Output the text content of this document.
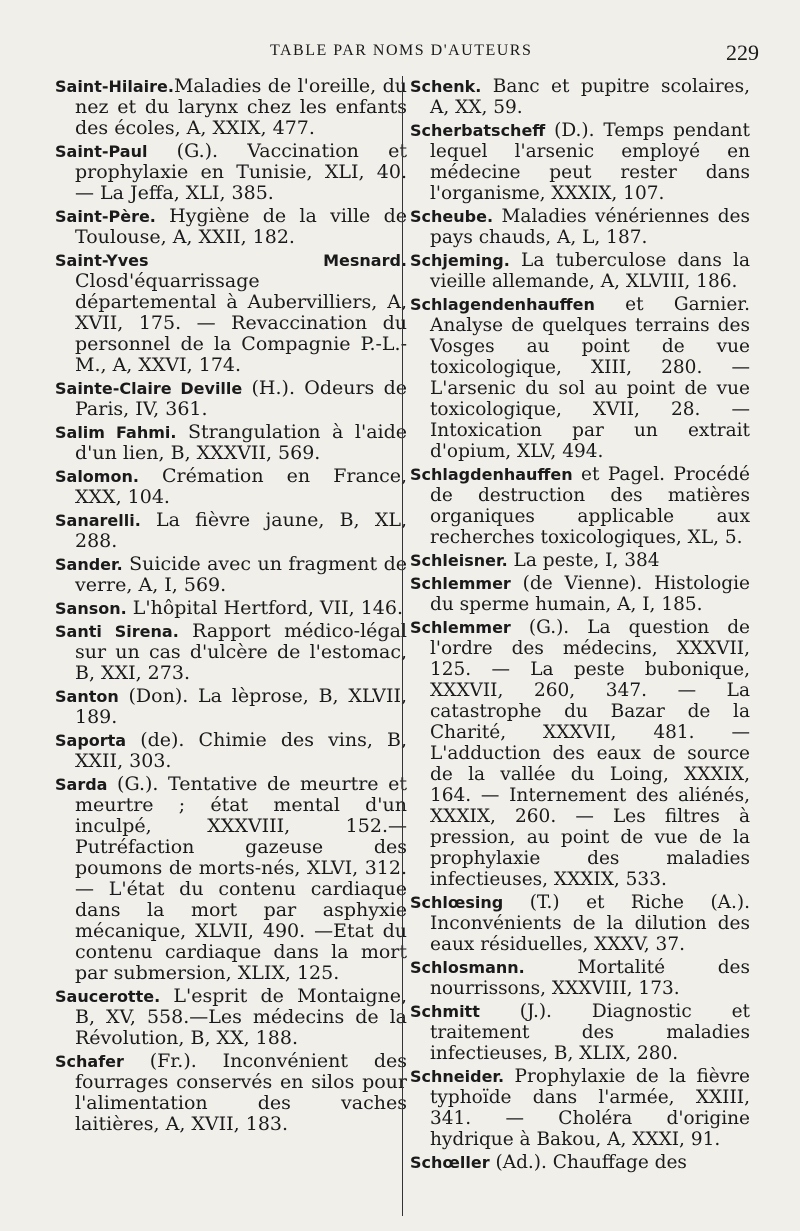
TABLE PAR NOMS D'AUTEURS	229

Saint-Hilaire.Maladies de l'oreille, du nez et du larynx chez les enfants des écoles, A, XXIX, 477.

Saint-Paul (G.). Vaccination et prophylaxie en Tunisie, XLI, 40. — La Jeffa, XLI, 385.

Saint-Père. Hygiène de la ville de Toulouse, A, XXII, 182.

Saint-Yves Mesnard. Closd'équarrissage départemental à Aubervilliers, A, XVII, 175. — Revaccination du personnel de la Compagnie P.-L.-M., A, XXVI, 174.

Sainte-Claire Deville (H.). Odeurs de Paris, IV, 361.

Salim Fahmi. Strangulation à l'aide d'un lien, B, XXXVII, 569.

Salomon. Crémation en France, XXX, 104.

Sanarelli. La fièvre jaune, B, XL, 288.

Sander. Suicide avec un fragment de verre, A, I, 569.

Sanson. L'hôpital Hertford, VII, 146.

Santi Sirena. Rapport médico-légal sur un cas d'ulcère de l'estomac, B, XXI, 273.

Santon (Don). La lèprose, B, XLVII, 189.

Saporta (de). Chimie des vins, B, XXII, 303.

Sarda (G.). Tentative de meurtre et meurtre ; état mental d'un inculpé, XXXVIII, 152.— Putréfaction gazeuse des poumons de morts-nés, XLVI, 312. — L'état du contenu cardiaque dans la mort par asphyxie mécanique, XLVII, 490. —Etat du contenu cardiaque dans la mort par submersion, XLIX, 125.

Saucerotte. L'esprit de Montaigne, B, XV, 558.—Les médecins de la Révolution, B, XX, 188.

Schafer (Fr.). Inconvénient des fourrages conservés en silos pour l'alimentation des vaches laitières, A, XVII, 183.

Schenk. Banc et pupitre scolaires, A, XX, 59.

Scherbatscheff (D.). Temps pendant lequel l'arsenic employé en médecine peut rester dans l'organisme, XXXIX, 107.

Scheube. Maladies vénériennes des pays chauds, A, L, 187.

Schjeming. La tuberculose dans la vieille allemande, A, XLVIII, 186.

Schlagendenhauffen et Garnier. Analyse de quelques terrains des Vosges au point de vue toxicologique, XIII, 280. — L'arsenic du sol au point de vue toxicologique, XVII, 28. — Intoxication par un extrait d'opium, XLV, 494.

Schlagdenhauffen et Pagel. Procédé de destruction des matières organiques applicable aux recherches toxicologiques, XL, 5.

Schleisner. La peste, I, 384

Schlemmer (de Vienne). Histologie du sperme humain, A, I, 185.

Schlemmer (G.). La question de l'ordre des médecins, XXXVII, 125. — La peste bubonique, XXXVII, 260, 347. — La catastrophe du Bazar de la Charité, XXXVII, 481. — L'adduction des eaux de source de la vallée du Loing, XXXIX, 164. — Internement des aliénés, XXXIX, 260. — Les filtres à pression, au point de vue de la prophylaxie des maladies infectieuses, XXXIX, 533.

Schlœsing (T.) et Riche (A.). Inconvénients de la dilution des eaux résiduelles, XXXV, 37.

Schlosmann. Mortalité des nourrissons, XXXVIII, 173.

Schmitt (J.). Diagnostic et traitement des maladies infectieuses, B, XLIX, 280.

Schneider. Prophylaxie de la fièvre typhoïde dans l'armée, XXIII, 341. — Choléra d'origine hydrique à Bakou, A, XXXI, 91.

Schœller (Ad.). Chauffage des
